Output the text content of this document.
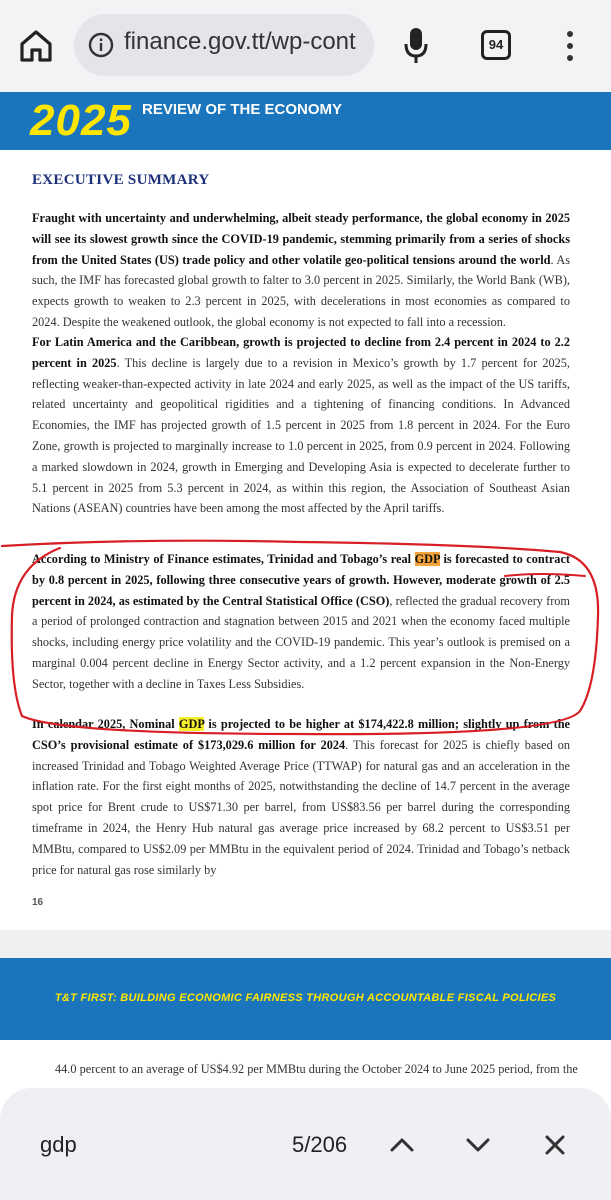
finance.gov.tt/wp-cont	94
2025 REVIEW OF THE ECONOMY
EXECUTIVE SUMMARY
Fraught with uncertainty and underwhelming, albeit steady performance, the global economy in 2025 will see its slowest growth since the COVID-19 pandemic, stemming primarily from a series of shocks from the United States (US) trade policy and other volatile geo-political tensions around the world. As such, the IMF has forecasted global growth to falter to 3.0 percent in 2025. Similarly, the World Bank (WB), expects growth to weaken to 2.3 percent in 2025, with decelerations in most economies as compared to 2024. Despite the weakened outlook, the global economy is not expected to fall into a recession.
For Latin America and the Caribbean, growth is projected to decline from 2.4 percent in 2024 to 2.2 percent in 2025. This decline is largely due to a revision in Mexico’s growth by 1.7 percent for 2025, reflecting weaker-than-expected activity in late 2024 and early 2025, as well as the impact of the US tariffs, related uncertainty and geopolitical rigidities and a tightening of financing conditions. In Advanced Economies, the IMF has projected growth of 1.5 percent in 2025 from 1.8 percent in 2024. For the Euro Zone, growth is projected to marginally increase to 1.0 percent in 2025, from 0.9 percent in 2024. Following a marked slowdown in 2024, growth in Emerging and Developing Asia is expected to decelerate further to 5.1 percent in 2025 from 5.3 percent in 2024, as within this region, the Association of Southeast Asian Nations (ASEAN) countries have been among the most affected by the April tariffs.
According to Ministry of Finance estimates, Trinidad and Tobago’s real GDP is forecasted to contract by 0.8 percent in 2025, following three consecutive years of growth. However, moderate growth of 2.5 percent in 2024, as estimated by the Central Statistical Office (CSO), reflected the gradual recovery from a period of prolonged contraction and stagnation between 2015 and 2021 when the economy faced multiple shocks, including energy price volatility and the COVID-19 pandemic. This year’s outlook is premised on a marginal 0.004 percent decline in Energy Sector activity, and a 1.2 percent expansion in the Non-Energy Sector, together with a decline in Taxes Less Subsidies.
In calendar 2025, Nominal GDP is projected to be higher at $174,422.8 million; slightly up from the CSO’s provisional estimate of $173,029.6 million for 2024. This forecast for 2025 is chiefly based on increased Trinidad and Tobago Weighted Average Price (TTWAP) for natural gas and an acceleration in the inflation rate. For the first eight months of 2025, notwithstanding the decline of 14.7 percent in the average spot price for Brent crude to US$71.30 per barrel, from US$83.56 per barrel during the corresponding timeframe in 2024, the Henry Hub natural gas average price increased by 68.2 percent to US$3.51 per MMBtu, compared to US$2.09 per MMBtu in the equivalent period of 2024. Trinidad and Tobago’s netback price for natural gas rose similarly by
16
T&T FIRST: BUILDING ECONOMIC FAIRNESS THROUGH ACCOUNTABLE FISCAL POLICIES
44.0 percent to an average of US$4.92 per MMBtu during the October 2024 to June 2025 period, from the
gdp	5/206
